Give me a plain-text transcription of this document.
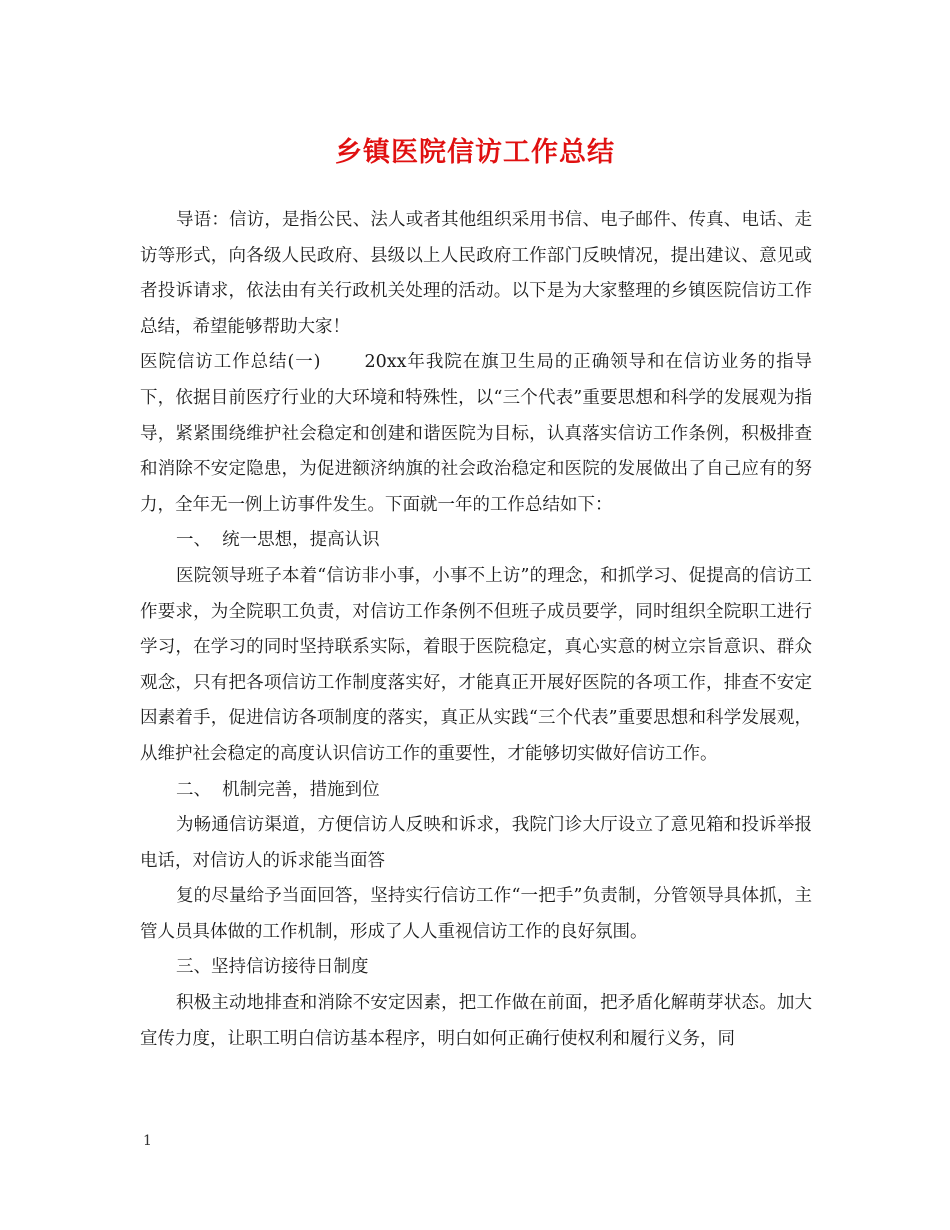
乡镇医院信访工作总结

导语：信访，是指公民、法人或者其他组织采用书信、电子邮件、传真、电话、走访等形式，向各级人民政府、县级以上人民政府工作部门反映情况，提出建议、意见或者投诉请求，依法由有关行政机关处理的活动。以下是为大家整理的乡镇医院信访工作总结，希望能够帮助大家！

医院信访工作总结(一)	20xx年我院在旗卫生局的正确领导和在信访业务的指导下，依据目前医疗行业的大环境和特殊性，以“三个代表”重要思想和科学的发展观为指导，紧紧围绕维护社会稳定和创建和谐医院为目标，认真落实信访工作条例，积极排查和消除不安定隐患，为促进额济纳旗的社会政治稳定和医院的发展做出了自己应有的努力，全年无一例上访事件发生。下面就一年的工作总结如下：

一、  统一思想，提高认识

医院领导班子本着“信访非小事，小事不上访”的理念，和抓学习、促提高的信访工作要求，为全院职工负责，对信访工作条例不但班子成员要学，同时组织全院职工进行学习，在学习的同时坚持联系实际，着眼于医院稳定，真心实意的树立宗旨意识、群众观念，只有把各项信访工作制度落实好，才能真正开展好医院的各项工作，排查不安定因素着手，促进信访各项制度的落实，真正从实践“三个代表”重要思想和科学发展观，从维护社会稳定的高度认识信访工作的重要性，才能够切实做好信访工作。

二、  机制完善，措施到位

为畅通信访渠道，方便信访人反映和诉求，我院门诊大厅设立了意见箱和投诉举报电话，对信访人的诉求能当面答

复的尽量给予当面回答，坚持实行信访工作“一把手”负责制，分管领导具体抓，主管人员具体做的工作机制，形成了人人重视信访工作的良好氛围。

三、坚持信访接待日制度

积极主动地排查和消除不安定因素，把工作做在前面，把矛盾化解萌芽状态。加大宣传力度，让职工明白信访基本程序，明白如何正确行使权利和履行义务，同

1
